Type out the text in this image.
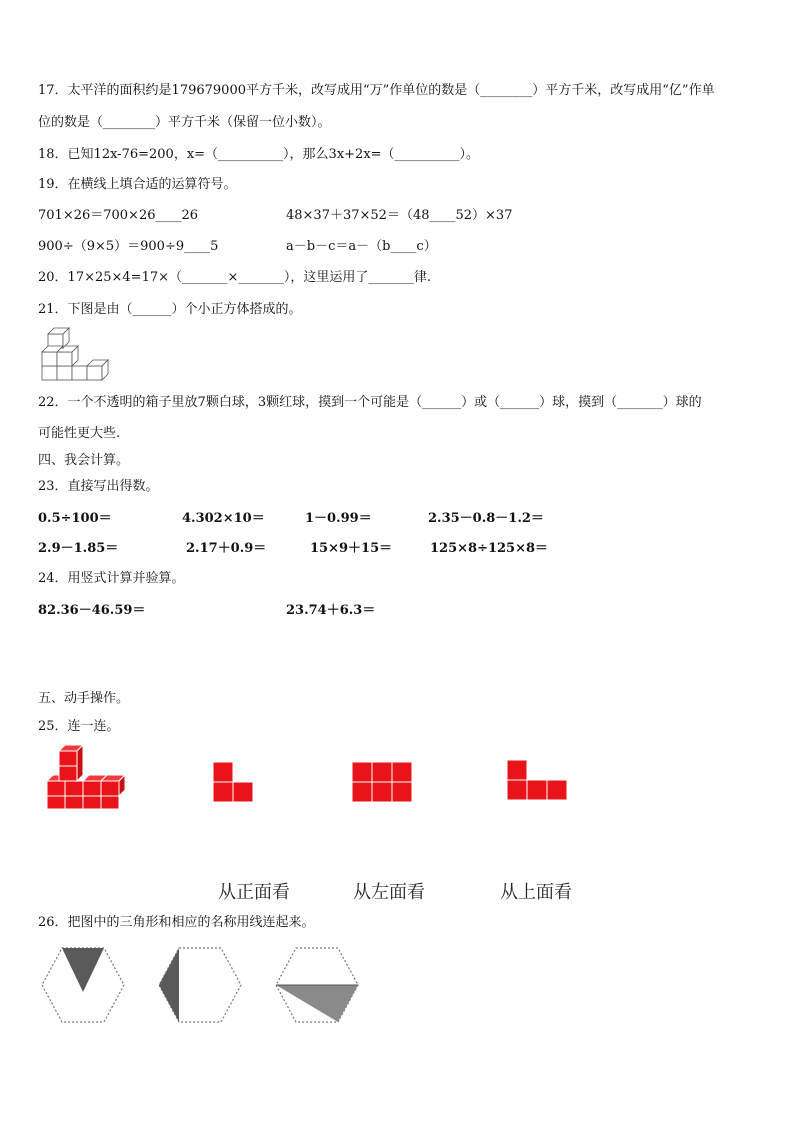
17．太平洋的面积约是179679000平方千米，改写成用“万”作单位的数是（________）平方千米，改写成用“亿”作单
位的数是（________）平方千米（保留一位小数）。
18．已知12x-76=200，x=（__________），那么3x+2x=（__________）。
19．在横线上填合适的运算符号。
701×26＝700×26____26	48×37＋37×52＝（48____52）×37
900÷（9×5）＝900÷9____5	a－b－c＝a－（b____c）
20．17×25×4=17×（_______×_______），这里运用了_______律.
21．下图是由（______）个小正方体搭成的。
22．一个不透明的箱子里放7颗白球，3颗红球，摸到一个可能是（______）或（______）球，摸到（_______）球的
可能性更大些.
四、我会计算。
23．直接写出得数。
0.5÷100＝	4.302×10＝	1－0.99＝	2.35－0.8－1.2＝
2.9－1.85＝	2.17＋0.9＝	15×9＋15＝	125×8÷125×8＝
24．用竖式计算并验算。
82.36－46.59＝	23.74＋6.3＝
五、动手操作。
25．连一连。
从正面看	从左面看	从上面看
26．把图中的三角形和相应的名称用线连起来。
